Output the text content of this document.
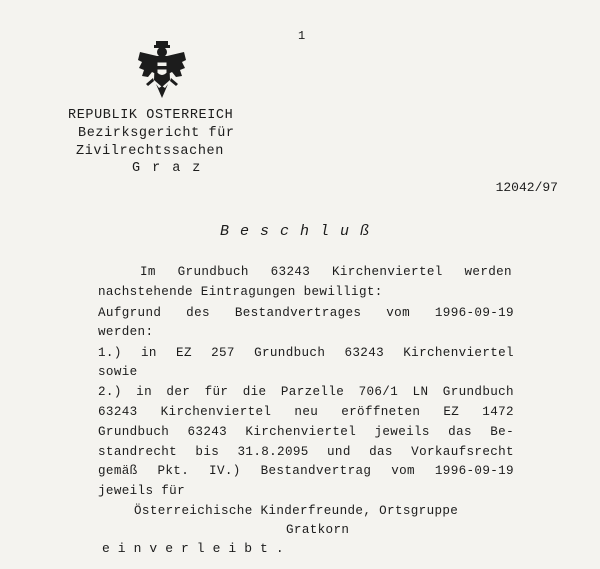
1
REPUBLIK OSTERREICH
Bezirksgericht für
Zivilrechtssachen
Graz
12042/97
Beschluß
Im Grundbuch 63243 Kirchenviertel werden
nachstehende Eintragungen bewilligt:
Aufgrund des Bestandvertrages vom 1996-09-19
werden:
1.) in EZ 257 Grundbuch 63243 Kirchenviertel
sowie
2.) in der für die Parzelle 706/1 LN Grundbuch
63243 Kirchenviertel neu eröffneten EZ 1472
Grundbuch 63243 Kirchenviertel jeweils das Be-
standrecht bis 31.8.2095 und das Vorkaufsrecht
gemäß Pkt. IV.) Bestandvertrag vom 1996-09-19
jeweils für
Österreichische Kinderfreunde, Ortsgruppe
Gratkorn
einverleibt.
